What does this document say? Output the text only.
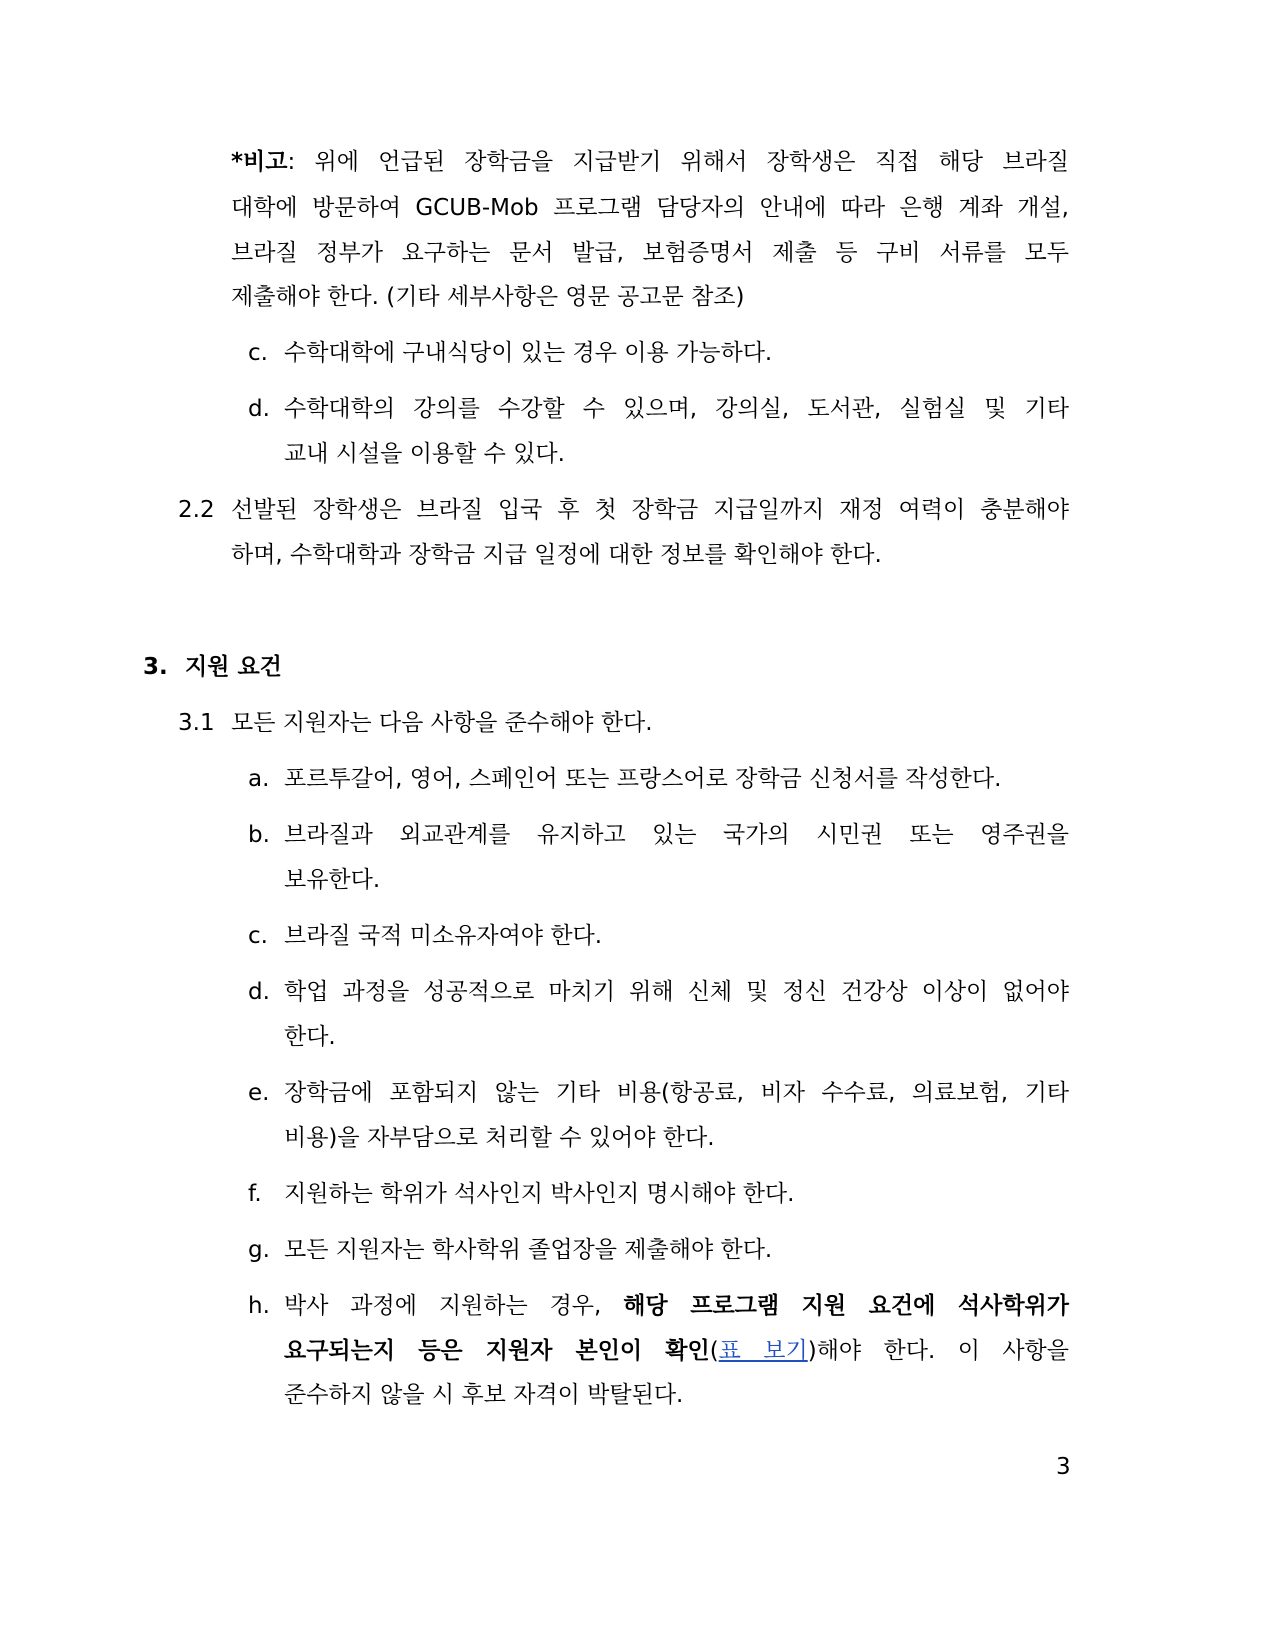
*비고: 위에 언급된 장학금을 지급받기 위해서 장학생은 직접 해당 브라질
대학에 방문하여 GCUB-Mob 프로그램 담당자의 안내에 따라 은행 계좌 개설,
브라질 정부가 요구하는 문서 발급, 보험증명서 제출 등 구비 서류를 모두
제출해야 한다. (기타 세부사항은 영문 공고문 참조)
c. 수학대학에 구내식당이 있는 경우 이용 가능하다.
d. 수학대학의 강의를 수강할 수 있으며, 강의실, 도서관, 실험실 및 기타
교내 시설을 이용할 수 있다.
2.2 선발된 장학생은 브라질 입국 후 첫 장학금 지급일까지 재정 여력이 충분해야
하며, 수학대학과 장학금 지급 일정에 대한 정보를 확인해야 한다.
3. 지원 요건
3.1 모든 지원자는 다음 사항을 준수해야 한다.
a. 포르투갈어, 영어, 스페인어 또는 프랑스어로 장학금 신청서를 작성한다.
b. 브라질과 외교관계를 유지하고 있는 국가의 시민권 또는 영주권을
보유한다.
c. 브라질 국적 미소유자여야 한다.
d. 학업 과정을 성공적으로 마치기 위해 신체 및 정신 건강상 이상이 없어야
한다.
e. 장학금에 포함되지 않는 기타 비용(항공료, 비자 수수료, 의료보험, 기타
비용)을 자부담으로 처리할 수 있어야 한다.
f. 지원하는 학위가 석사인지 박사인지 명시해야 한다.
g. 모든 지원자는 학사학위 졸업장을 제출해야 한다.
h. 박사 과정에 지원하는 경우, 해당 프로그램 지원 요건에 석사학위가
요구되는지 등은 지원자 본인이 확인(표 보기)해야 한다. 이 사항을
준수하지 않을 시 후보 자격이 박탈된다.
3
